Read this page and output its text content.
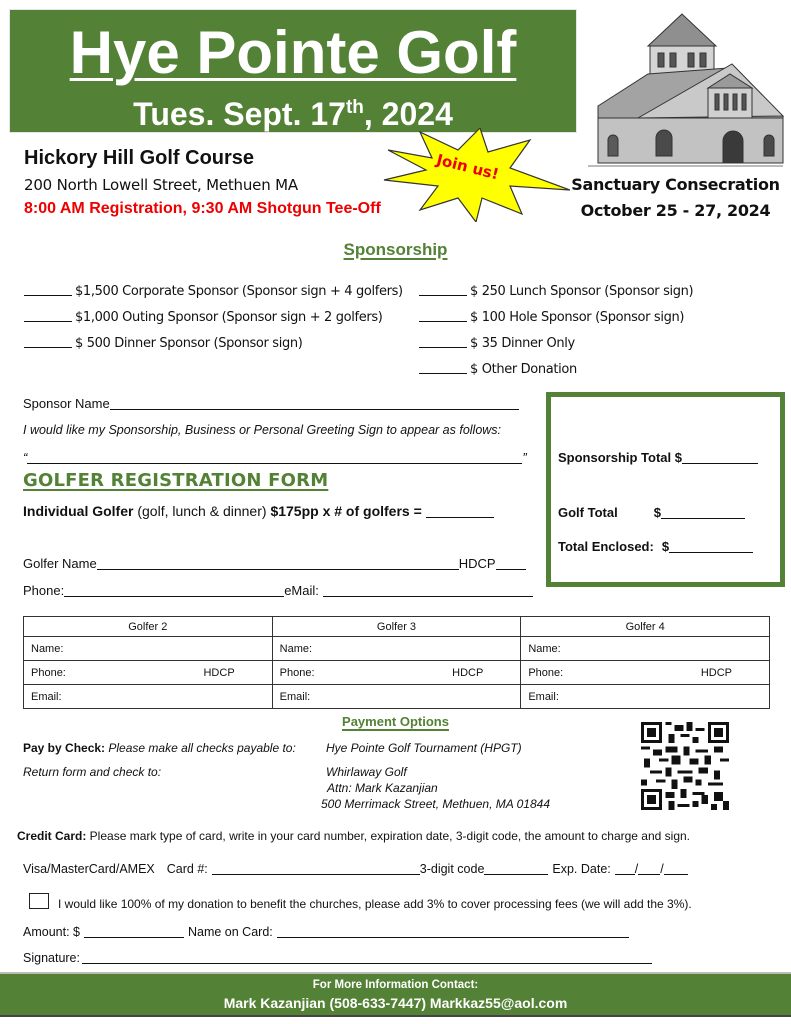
Hye Pointe Golf
Tues. Sept. 17th, 2024
Hickory Hill Golf Course
200 North Lowell Street, Methuen MA
8:00 AM Registration, 9:30 AM Shotgun Tee-Off
Join us!
Sanctuary Consecration
October 25 - 27, 2024
Sponsorship
$1,500 Corporate Sponsor (Sponsor sign + 4 golfers)
$1,000 Outing Sponsor (Sponsor sign + 2 golfers)
$ 500 Dinner Sponsor (Sponsor sign)
$ 250 Lunch Sponsor (Sponsor sign)
$ 100 Hole Sponsor (Sponsor sign)
$ 35 Dinner Only
$ Other Donation
Sponsor Name
I would like my Sponsorship, Business or Personal Greeting Sign to appear as follows:
“	”
GOLFER REGISTRATION FORM
Individual Golfer (golf, lunch & dinner) $175pp x # of golfers =
Golfer Name	HDCP
Phone:	eMail:
Sponsorship Total $
Golf Total	$
Total Enclosed: $
Golfer 2	Golfer 3	Golfer 4
Name:	Name:	Name:

Phone: HDCP	Phone: HDCP	Phone: HDCP

Email:	Email:	Email:
Payment Options
Pay by Check: Please make all checks payable to:	Hye Pointe Golf Tournament (HPGT)
Return form and check to:	Whirlaway Golf
Attn: Mark Kazanjian
500 Merrimack Street, Methuen, MA 01844
Credit Card: Please mark type of card, write in your card number, expiration date, 3-digit code, the amount to charge and sign.
Visa/MasterCard/AMEX Card #:	3-digit code	Exp. Date: / /
I would like 100% of my donation to benefit the churches, please add 3% to cover processing fees (we will add the 3%).
Amount: $	Name on Card:
Signature:
For More Information Contact:
Mark Kazanjian (508-633-7447) Markkaz55@aol.com
